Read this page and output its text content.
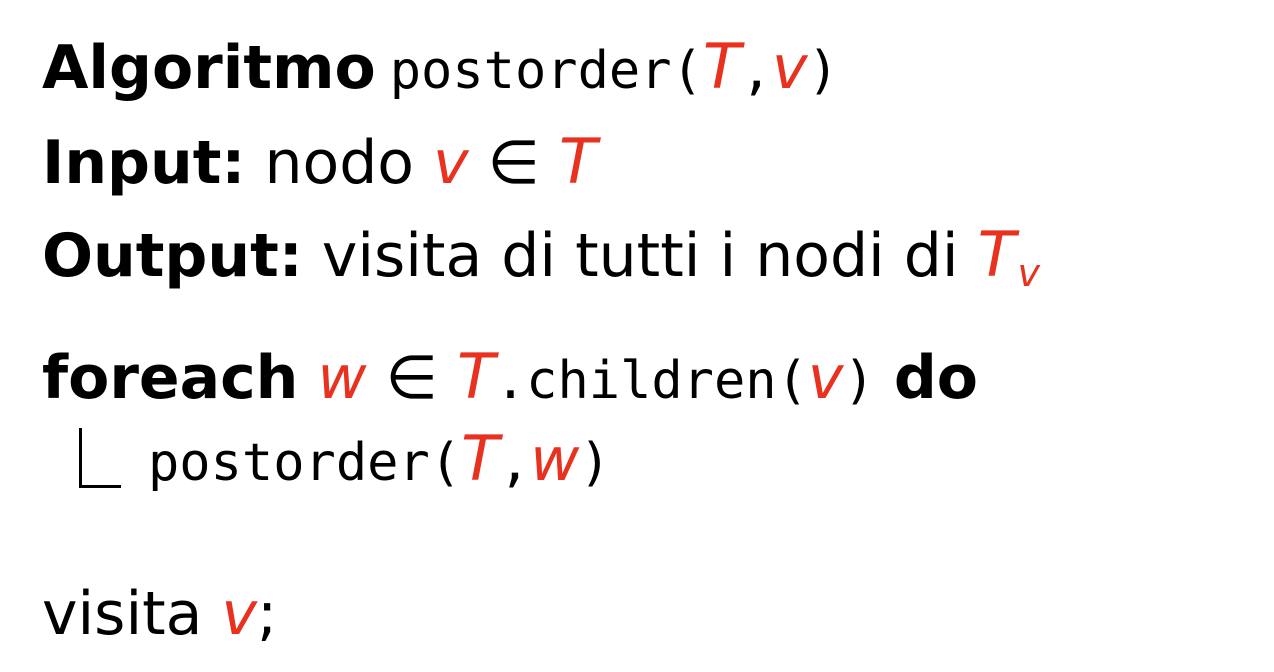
Algoritmo postorder(T,v)
Input: nodo v ∈ T
Output: visita di tutti i nodi di Tv
foreach w ∈ T.children(v) do
postorder(T,w)
visita v;
